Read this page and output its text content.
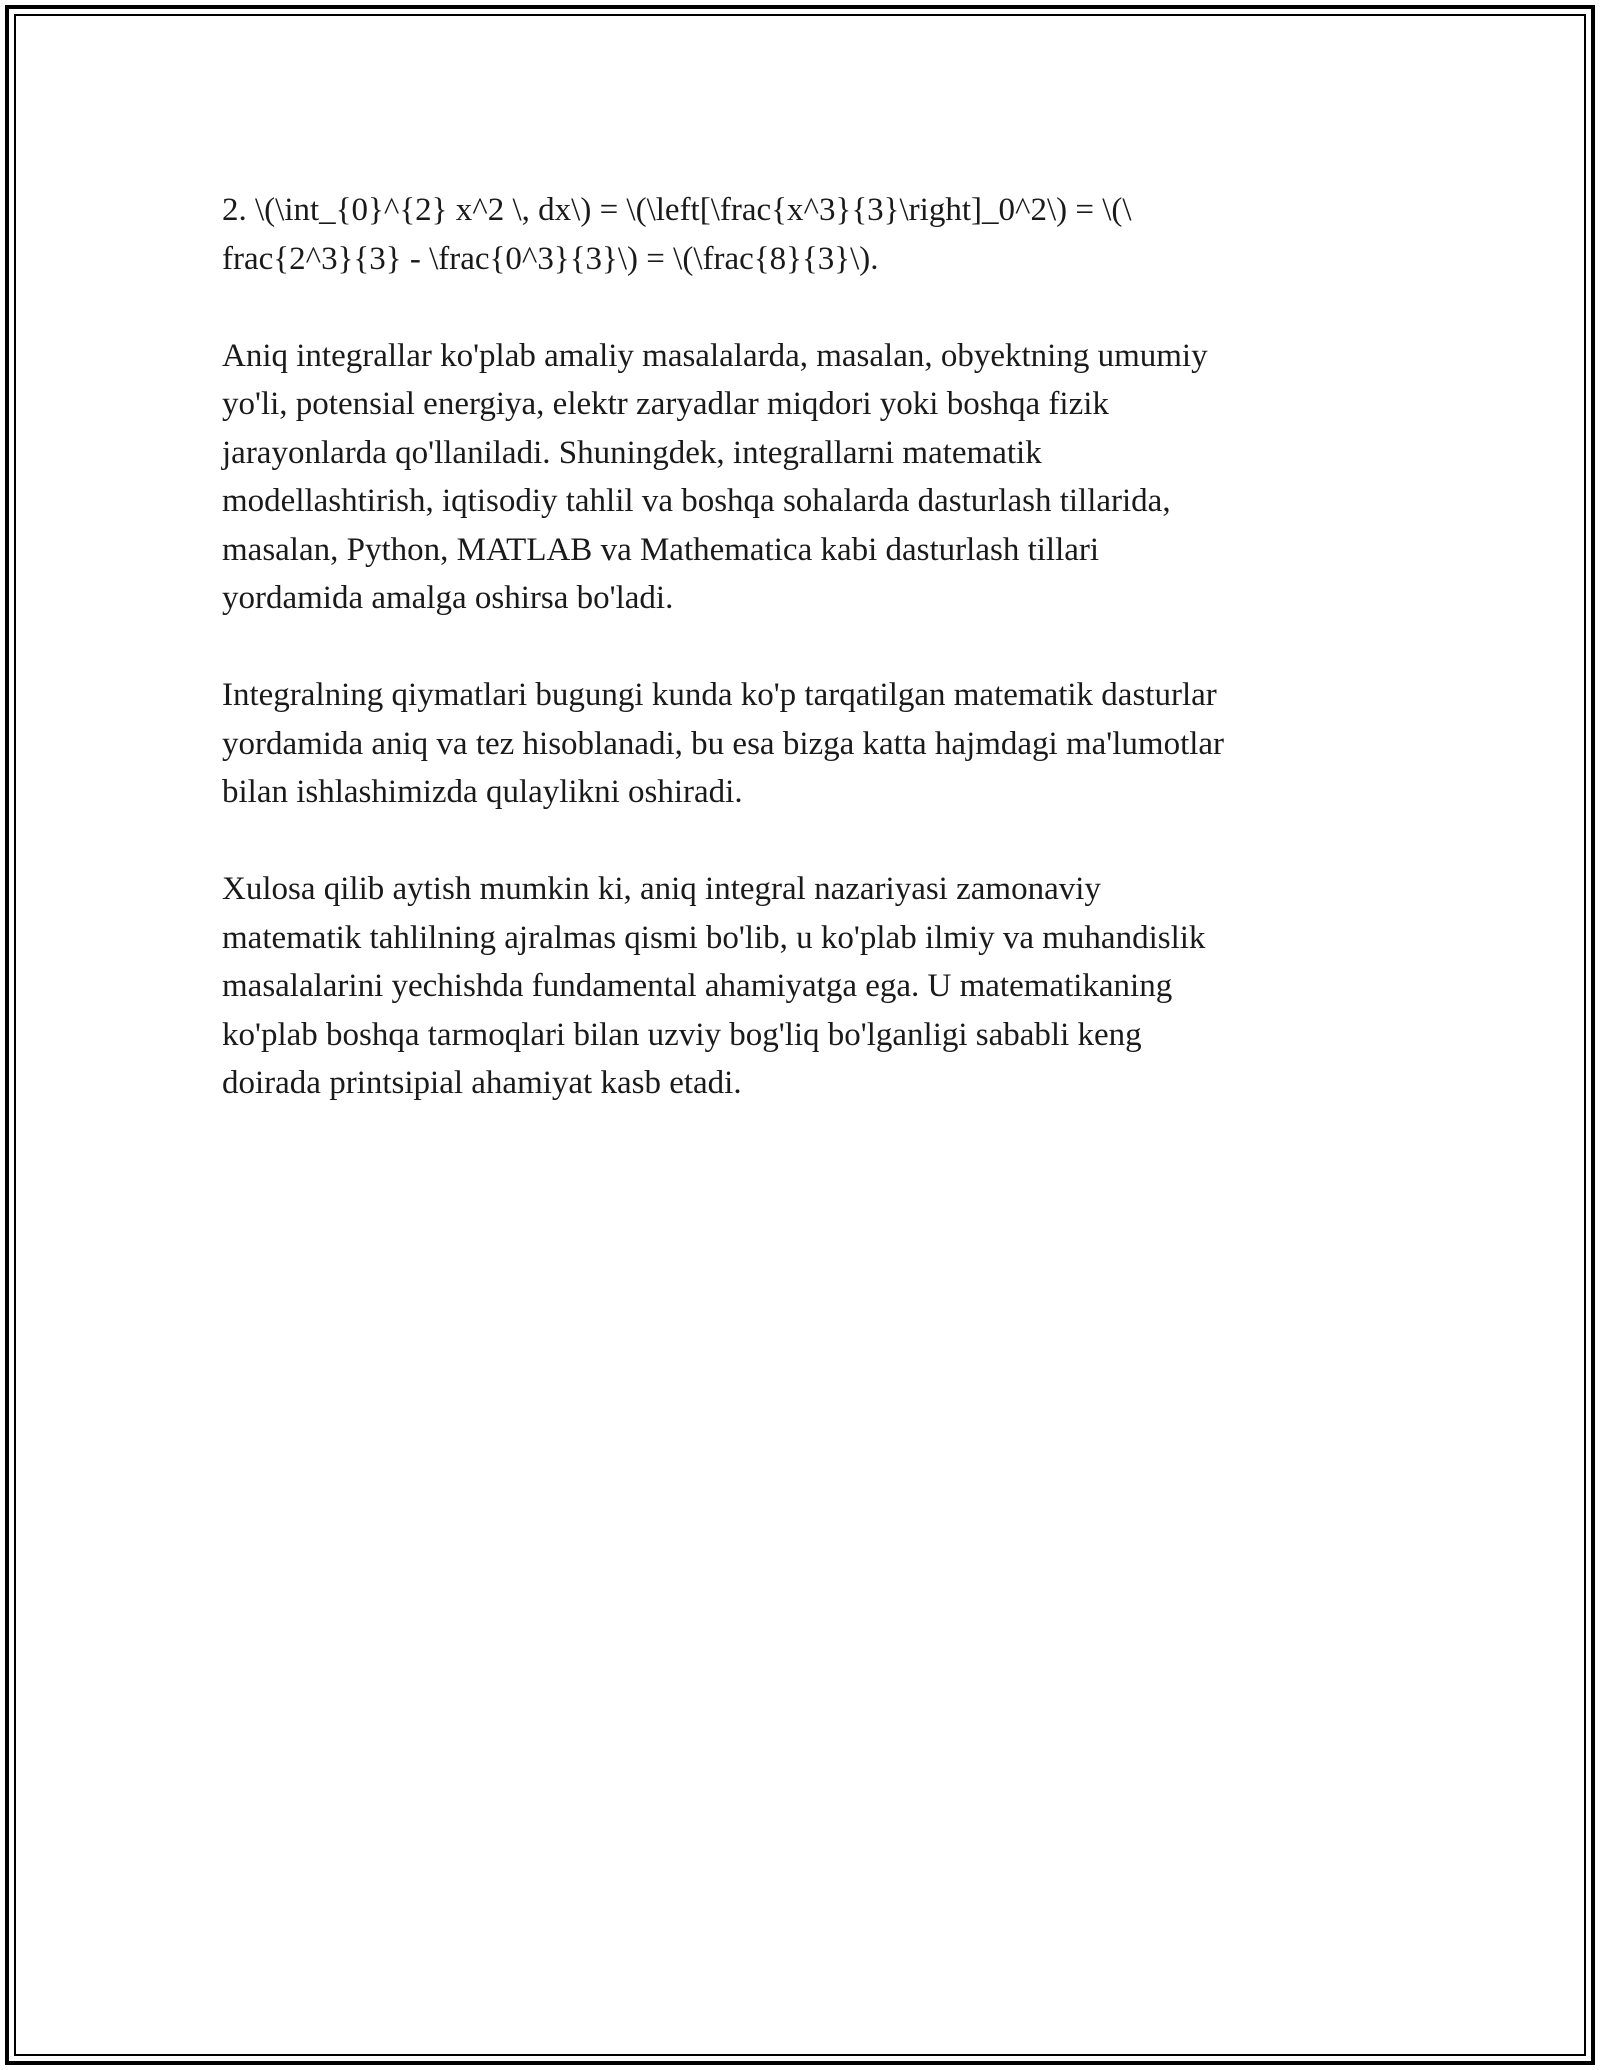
2. \(\int_{0}^{2} x^2 \, dx\) = \(\left[\frac{x^3}{3}\right]_0^2\) = \(\
frac{2^3}{3} - \frac{0^3}{3}\) = \(\frac{8}{3}\).

Aniq integrallar ko'plab amaliy masalalarda, masalan, obyektning umumiy
yo'li, potensial energiya, elektr zaryadlar miqdori yoki boshqa fizik
jarayonlarda qo'llaniladi. Shuningdek, integrallarni matematik
modellashtirish, iqtisodiy tahlil va boshqa sohalarda dasturlash tillarida,
masalan, Python, MATLAB va Mathematica kabi dasturlash tillari
yordamida amalga oshirsa bo'ladi.

Integralning qiymatlari bugungi kunda ko'p tarqatilgan matematik dasturlar
yordamida aniq va tez hisoblanadi, bu esa bizga katta hajmdagi ma'lumotlar
bilan ishlashimizda qulaylikni oshiradi.

Xulosa qilib aytish mumkin ki, aniq integral nazariyasi zamonaviy
matematik tahlilning ajralmas qismi bo'lib, u ko'plab ilmiy va muhandislik
masalalarini yechishda fundamental ahamiyatga ega. U matematikaning
ko'plab boshqa tarmoqlari bilan uzviy bog'liq bo'lganligi sababli keng
doirada printsipial ahamiyat kasb etadi.
